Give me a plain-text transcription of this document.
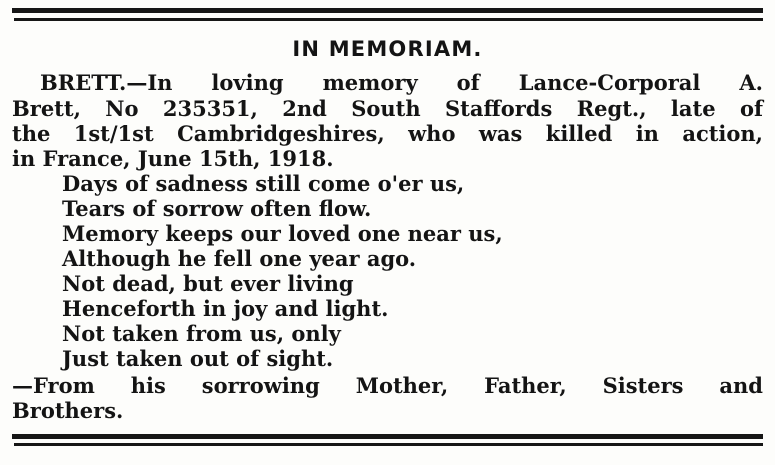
IN MEMORIAM.
BRETT.—In loving memory of Lance-Corporal A.
Brett, No 235351, 2nd South Staffords Regt., late of
the 1st/1st Cambridgeshires, who was killed in action,
in France, June 15th, 1918.
Days of sadness still come o'er us,
Tears of sorrow often flow.
Memory keeps our loved one near us,
Although he fell one year ago.
Not dead, but ever living
Henceforth in joy and light.
Not taken from us, only
Just taken out of sight.
—From his sorrowing Mother, Father, Sisters and
Brothers.
